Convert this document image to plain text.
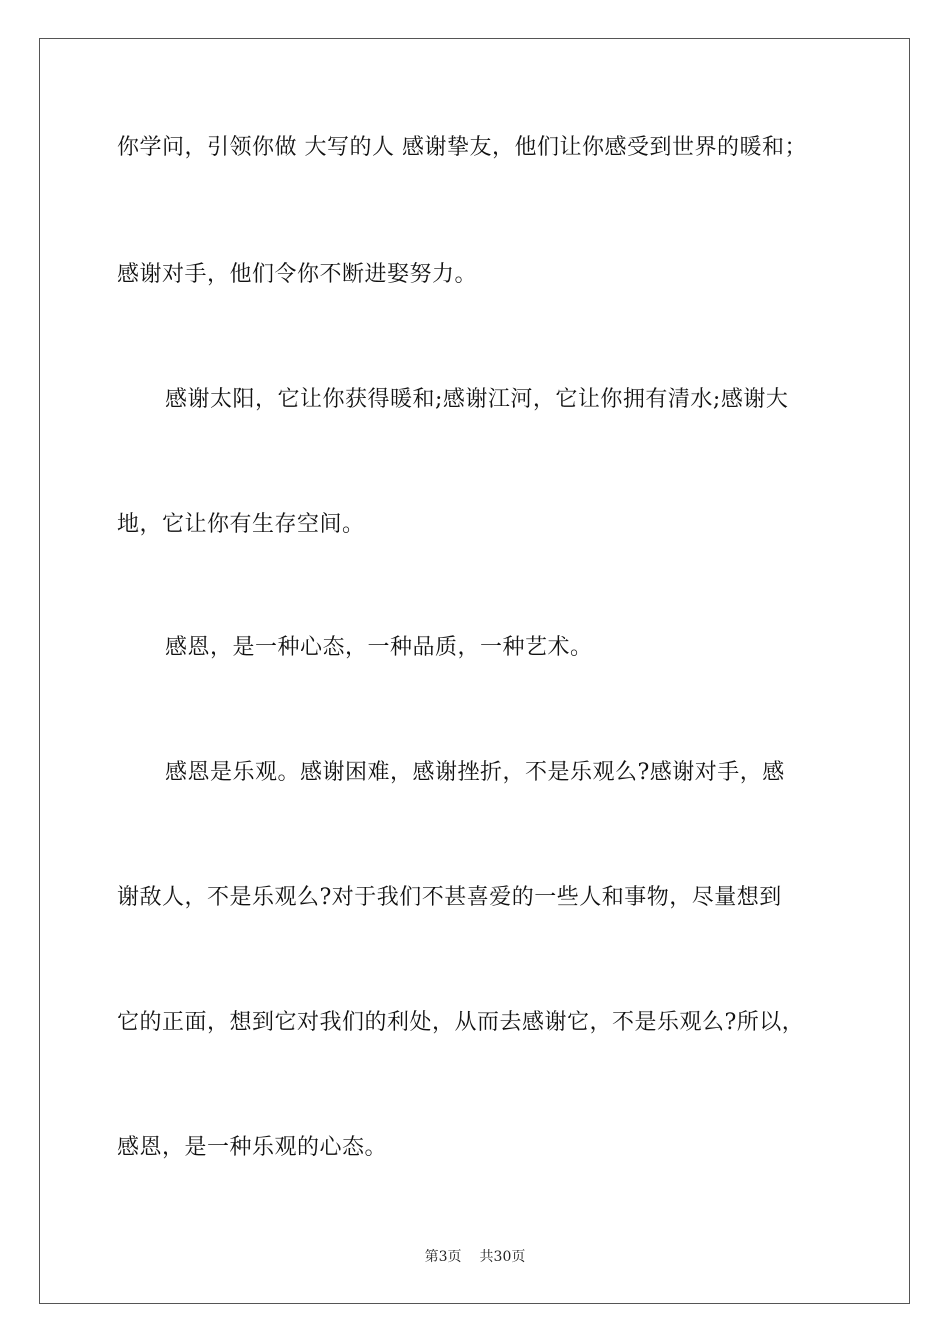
你学问，引领你做 大写的人 感谢挚友，他们让你感受到世界的暖和；
感谢对手，他们令你不断进娶努力。
感谢太阳，它让你获得暖和;感谢江河，它让你拥有清水;感谢大
地，它让你有生存空间。
感恩，是一种心态，一种品质，一种艺术。
感恩是乐观。感谢困难，感谢挫折，不是乐观么?感谢对手，感
谢敌人，不是乐观么?对于我们不甚喜爱的一些人和事物，尽量想到
它的正面，想到它对我们的利处，从而去感谢它，不是乐观么?所以，
感恩，是一种乐观的心态。
第3页 共30页
